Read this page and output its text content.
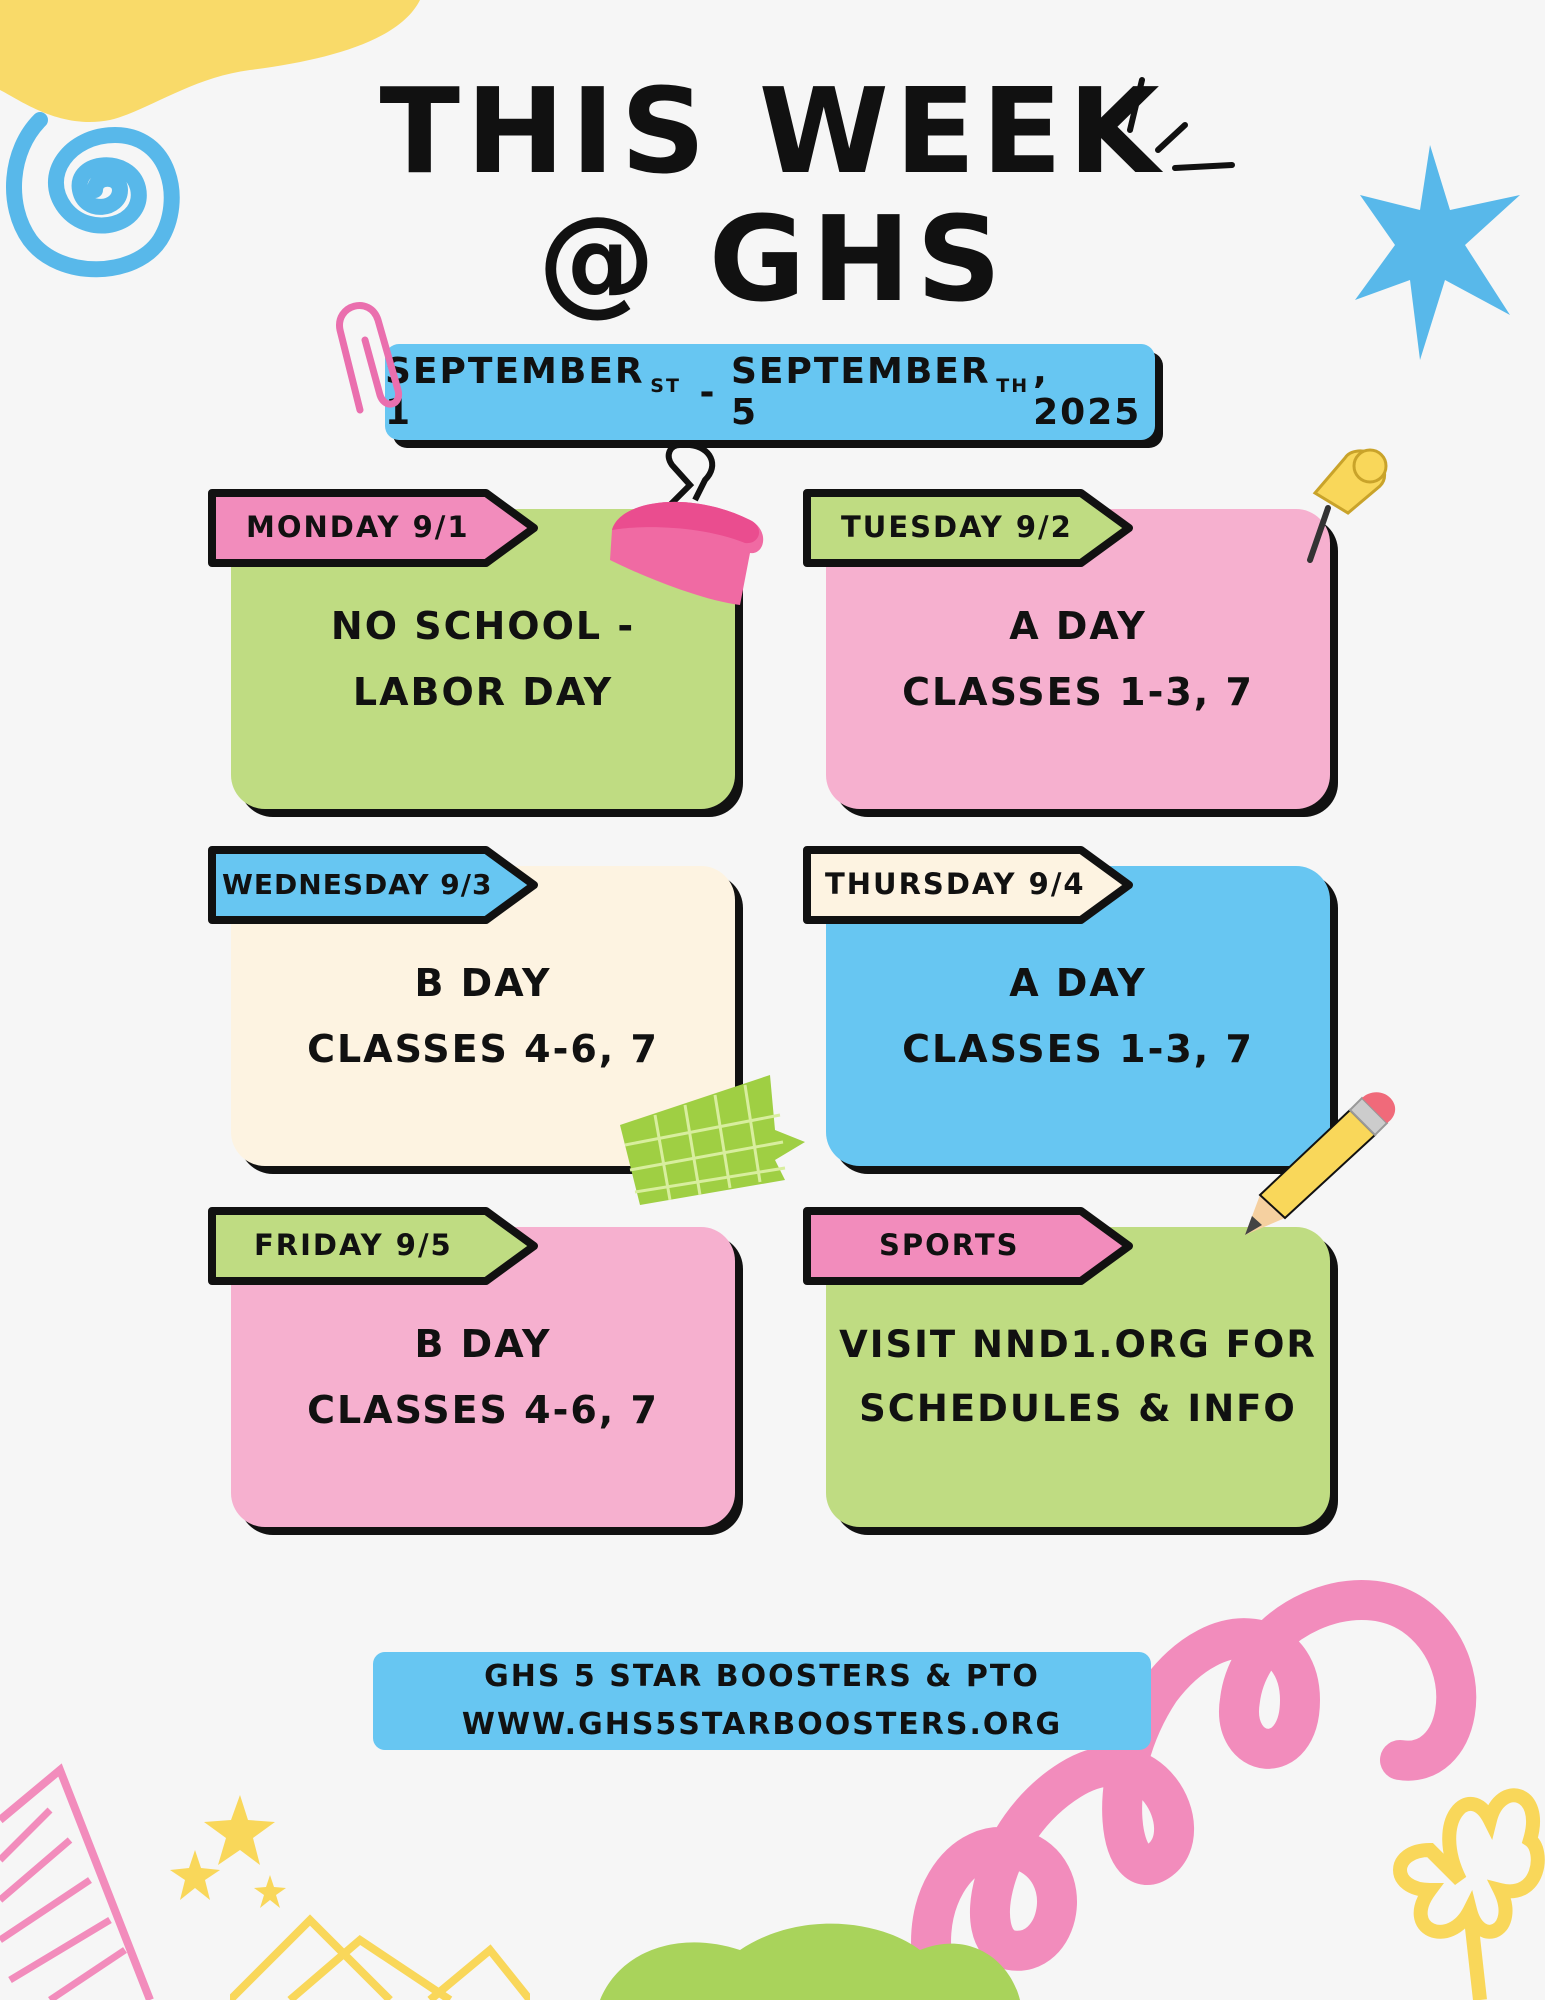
THIS WEEK
@ GHS
SEPTEMBER 1
$^{ST}$ - SEPTEMBER 5
$^{TH}$ , 2025
NO SCHOOL -
LABOR DAY
MONDAY 9/1
A DAY
CLASSES 1-3, 7
TUESDAY 9/2
B DAY
CLASSES 4-6, 7
WEDNESDAY 9/3
A DAY
CLASSES 1-3, 7
THURSDAY 9/4
B DAY
CLASSES 4-6, 7
FRIDAY 9/5
VISIT NND1.ORG FOR
SCHEDULES & INFO
SPORTS
GHS 5 STAR BOOSTERS & PTO
WWW.GHS5STARBOOSTERS.ORG
